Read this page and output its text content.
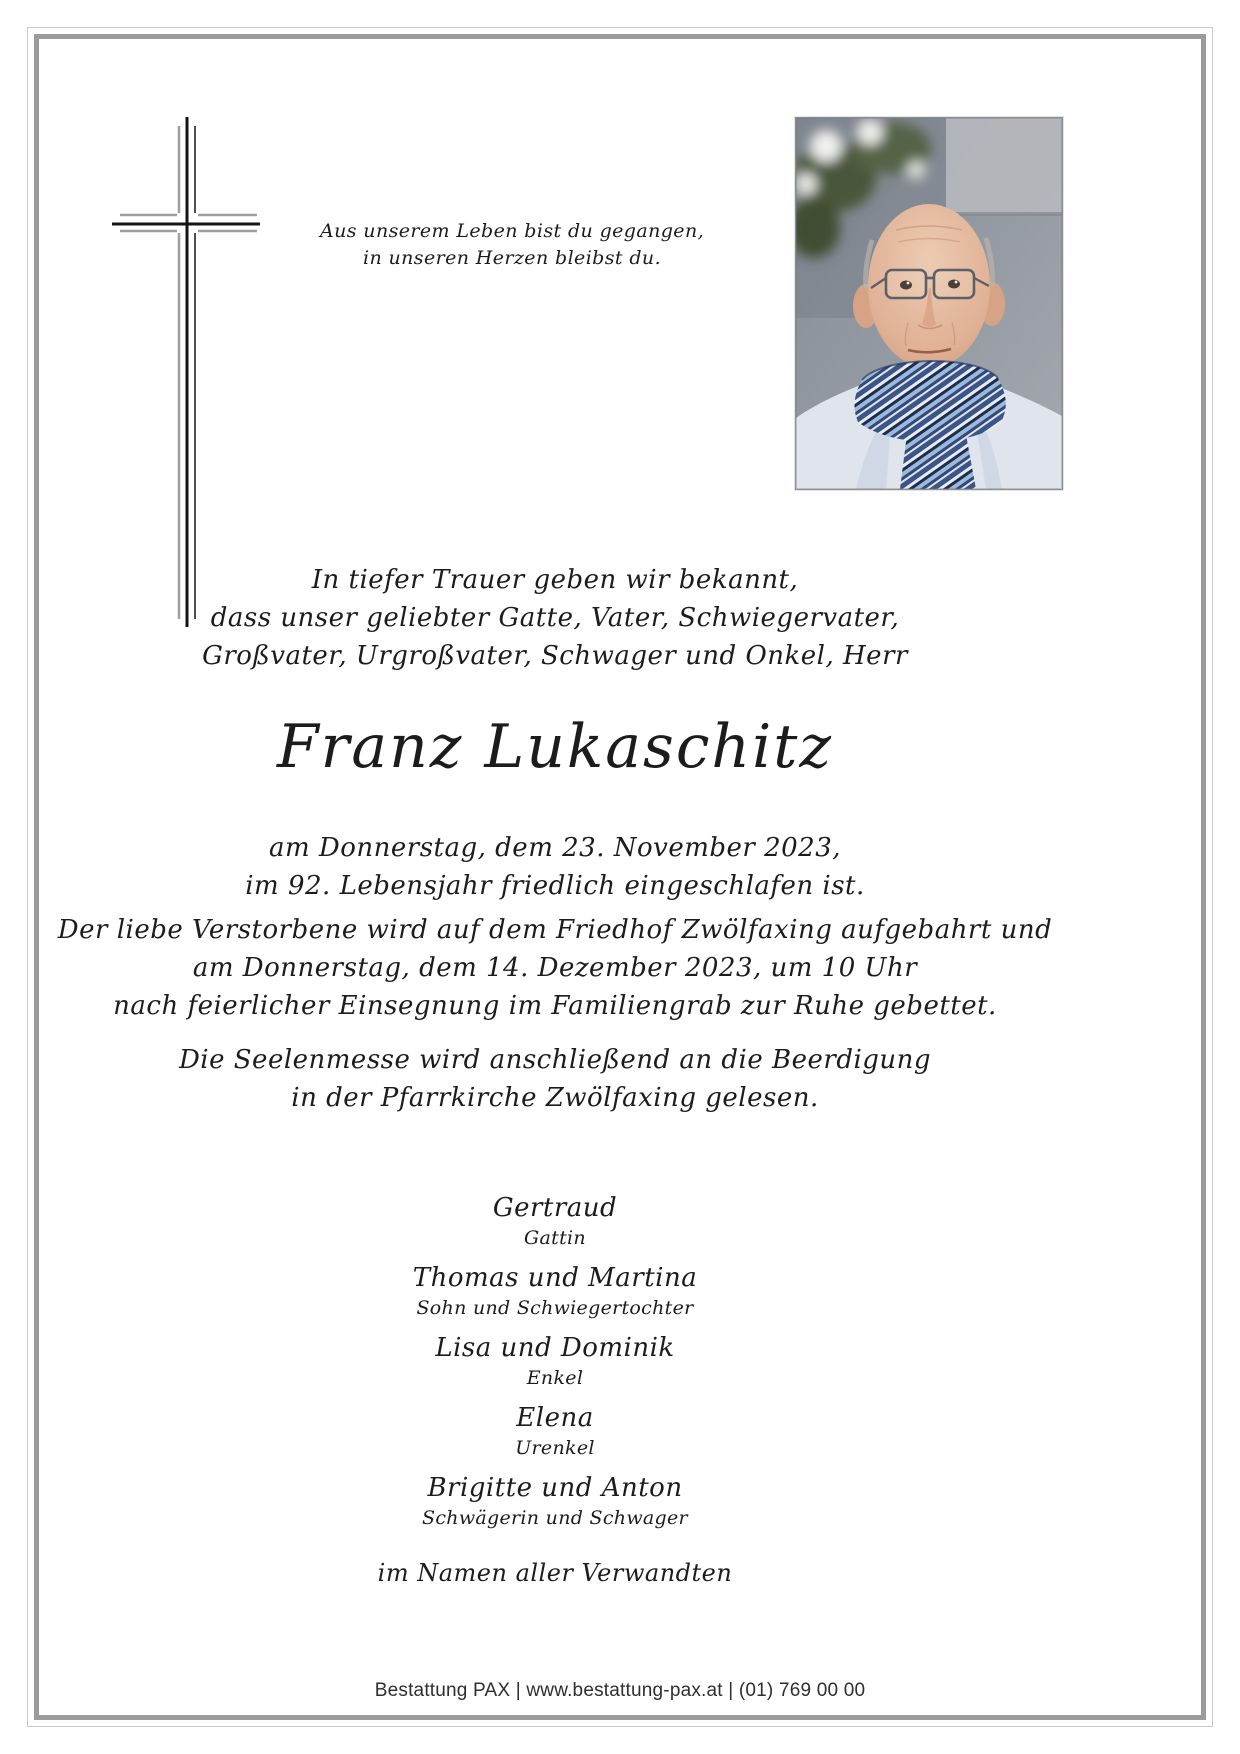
Aus unserem Leben bist du gegangen,
in unseren Herzen bleibst du.
In tiefer Trauer geben wir bekannt,
dass unser geliebter Gatte, Vater, Schwiegervater,
Großvater, Urgroßvater, Schwager und Onkel, Herr
Franz Lukaschitz
am Donnerstag, dem 23. November 2023,
im 92. Lebensjahr friedlich eingeschlafen ist.
Der liebe Verstorbene wird auf dem Friedhof Zwölfaxing aufgebahrt und
am Donnerstag, dem 14. Dezember 2023, um 10 Uhr
nach feierlicher Einsegnung im Familiengrab zur Ruhe gebettet.
Die Seelenmesse wird anschließend an die Beerdigung
in der Pfarrkirche Zwölfaxing gelesen.
Gertraud
Gattin
Thomas und Martina
Sohn und Schwiegertochter
Lisa und Dominik
Enkel
Elena
Urenkel
Brigitte und Anton
Schwägerin und Schwager
im Namen aller Verwandten
Bestattung PAX | www.bestattung-pax.at | (01) 769 00 00
